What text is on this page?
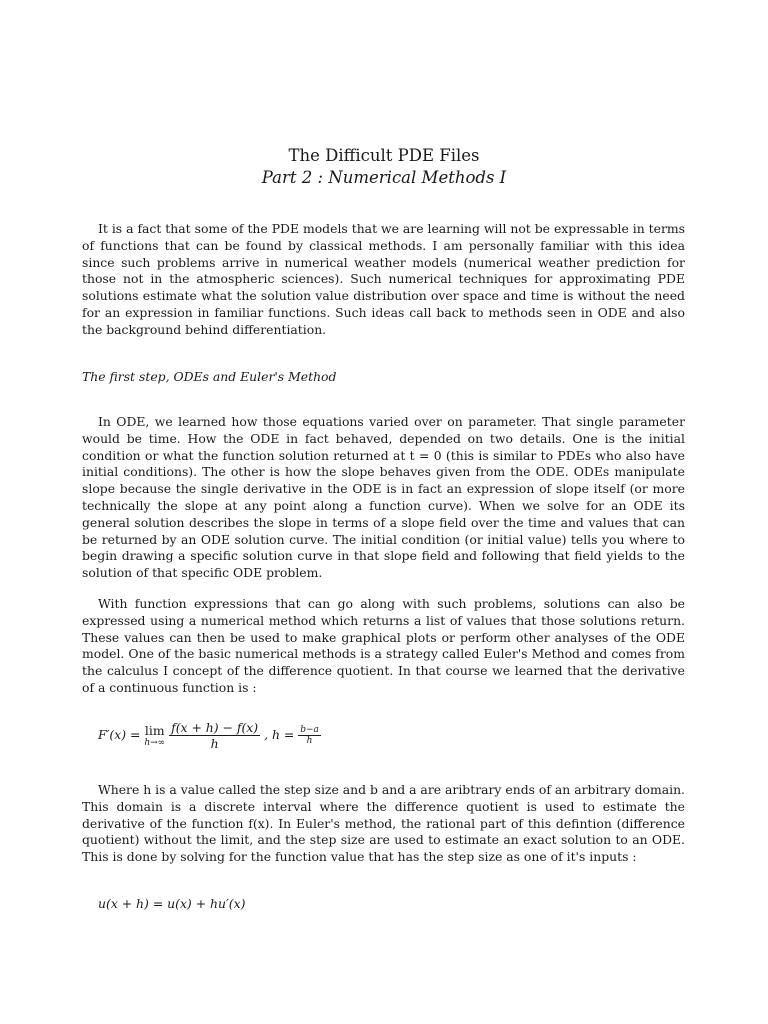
The Difficult PDE Files
Part 2 : Numerical Methods I
It is a fact that some of the PDE models that we are learning will not be expressable in terms of functions that can be found by classical methods. I am personally familiar with this idea since such problems arrive in numerical weather models (numerical weather prediction for those not in the atmospheric sciences). Such numerical techniques for approximating PDE solutions estimate what the solution value distribution over space and time is without the need for an expression in familiar functions. Such ideas call back to methods seen in ODE and also the background behind differentiation.
The first step, ODEs and Euler's Method
In ODE, we learned how those equations varied over on parameter. That single parameter would be time. How the ODE in fact behaved, depended on two details. One is the initial condition or what the function solution returned at t = 0 (this is similar to PDEs who also have initial conditions). The other is how the slope behaves given from the ODE. ODEs manipulate slope because the single derivative in the ODE is in fact an expression of slope itself (or more technically the slope at any point along a function curve). When we solve for an ODE its general solution describes the slope in terms of a slope field over the time and values that can be returned by an ODE solution curve. The initial condition (or initial value) tells you where to begin drawing a specific solution curve in that slope field and following that field yields to the solution of that specific ODE problem.
With function expressions that can go along with such problems, solutions can also be expressed using a numerical method which returns a list of values that those solutions return. These values can then be used to make graphical plots or perform other analyses of the ODE model. One of the basic numerical methods is a strategy called Euler's Method and comes from the calculus I concept of the difference quotient. In that course we learned that the derivative of a continuous function is :
F′(x) = lim
h→∞
$\frac{f(x + h) - f(x)}{h}$ , $h = \frac{b-a}{h}$
Where h is a value called the step size and b and a are aribtrary ends of an arbitrary domain. This domain is a discrete interval where the difference quotient is used to estimate the derivative of the function f(x). In Euler's method, the rational part of this defintion (difference quotient) without the limit, and the step size are used to estimate an exact solution to an ODE. This is done by solving for the function value that has the step size as one of it's inputs :
u(x + h) = u(x) + hu′(x)
